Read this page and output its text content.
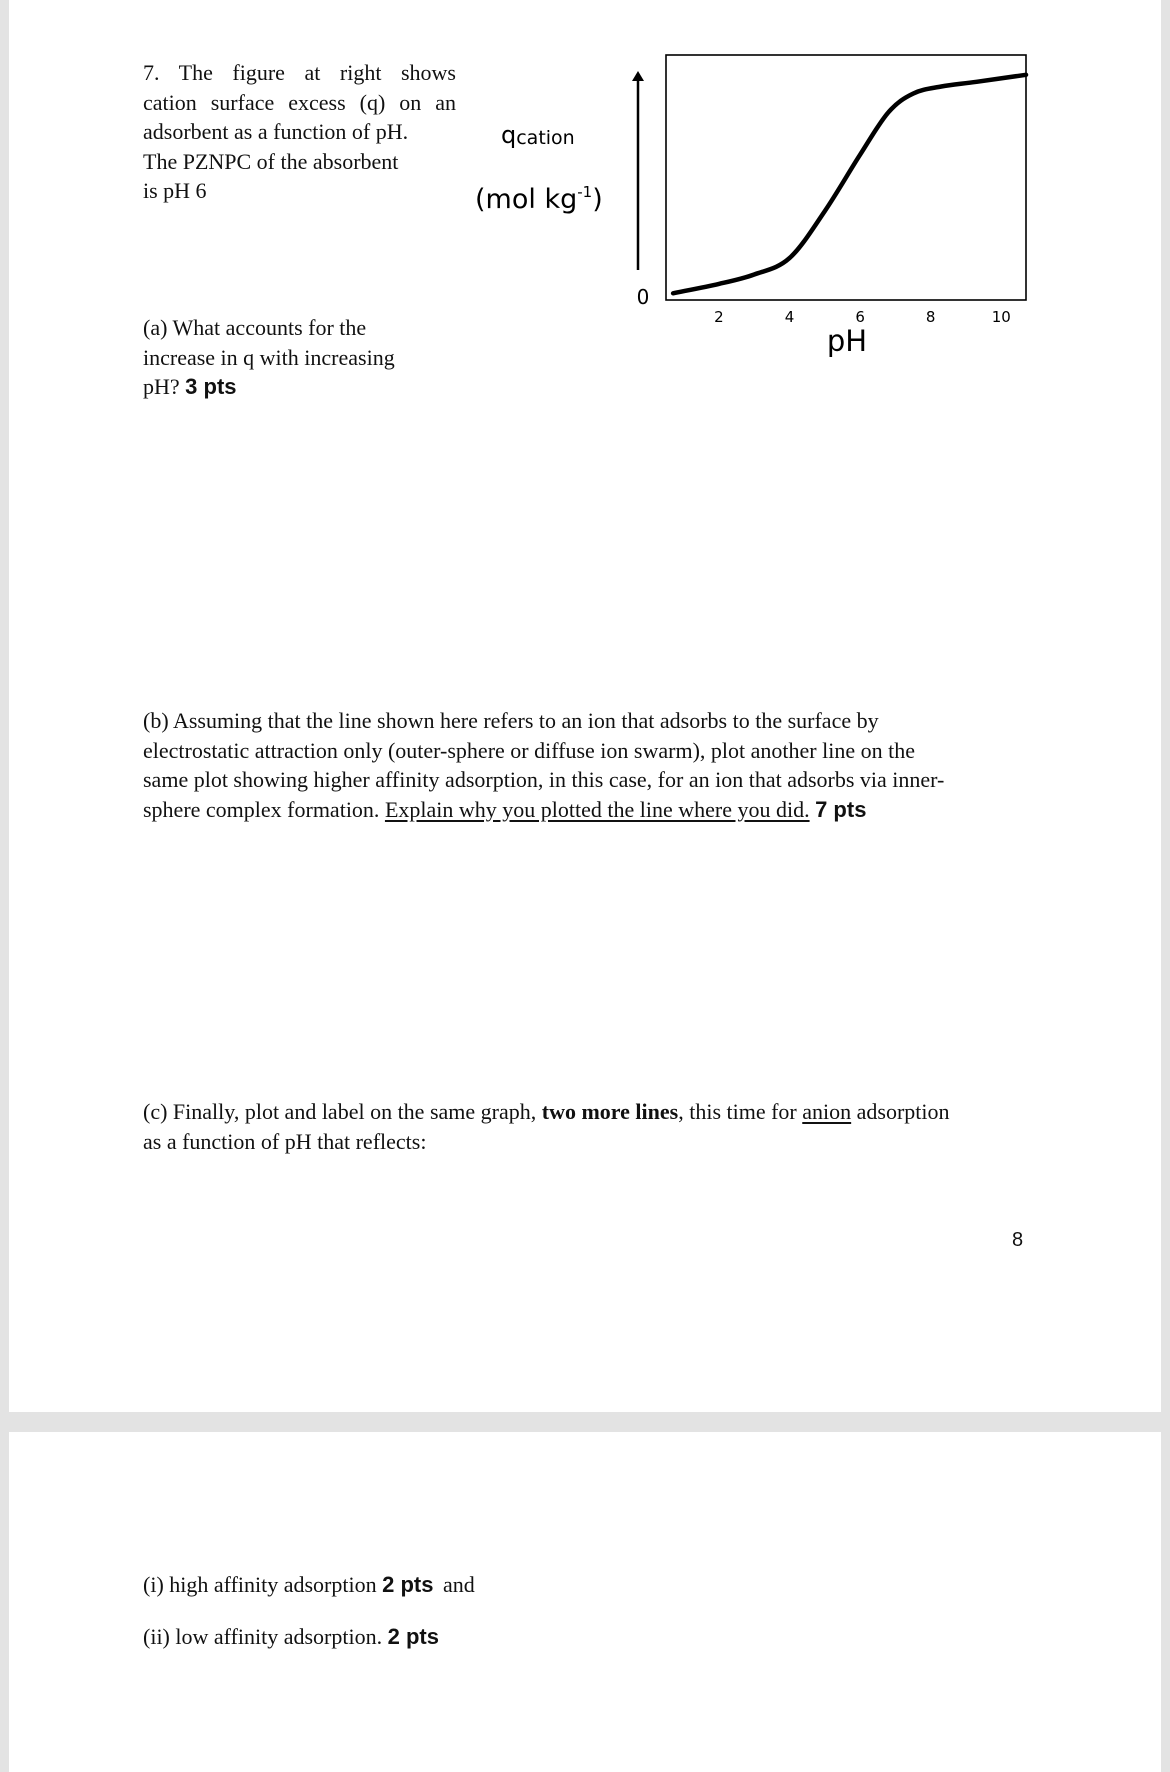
7. The figure at right shows

cation surface excess (q) on an

adsorbent as a function of pH.

The PZNPC of the absorbent

is pH 6

(a) What accounts for the

increase in q with increasing

pH? 3 pts

qcation
(mol $kg^{-1}$)
0
2	4	6	8	10
pH

(b) Assuming that the line shown here refers to an ion that adsorbs to the surface by

electrostatic attraction only (outer-sphere or diffuse ion swarm), plot another line on the

same plot showing higher affinity adsorption, in this case, for an ion that adsorbs via inner-

sphere complex formation. Explain why you plotted the line where you did. 7 pts

(c) Finally, plot and label on the same graph, two more lines, this time for anion adsorption

as a function of pH that reflects:

8

(i) high affinity adsorption 2 pts and

(ii) low affinity adsorption. 2 pts
